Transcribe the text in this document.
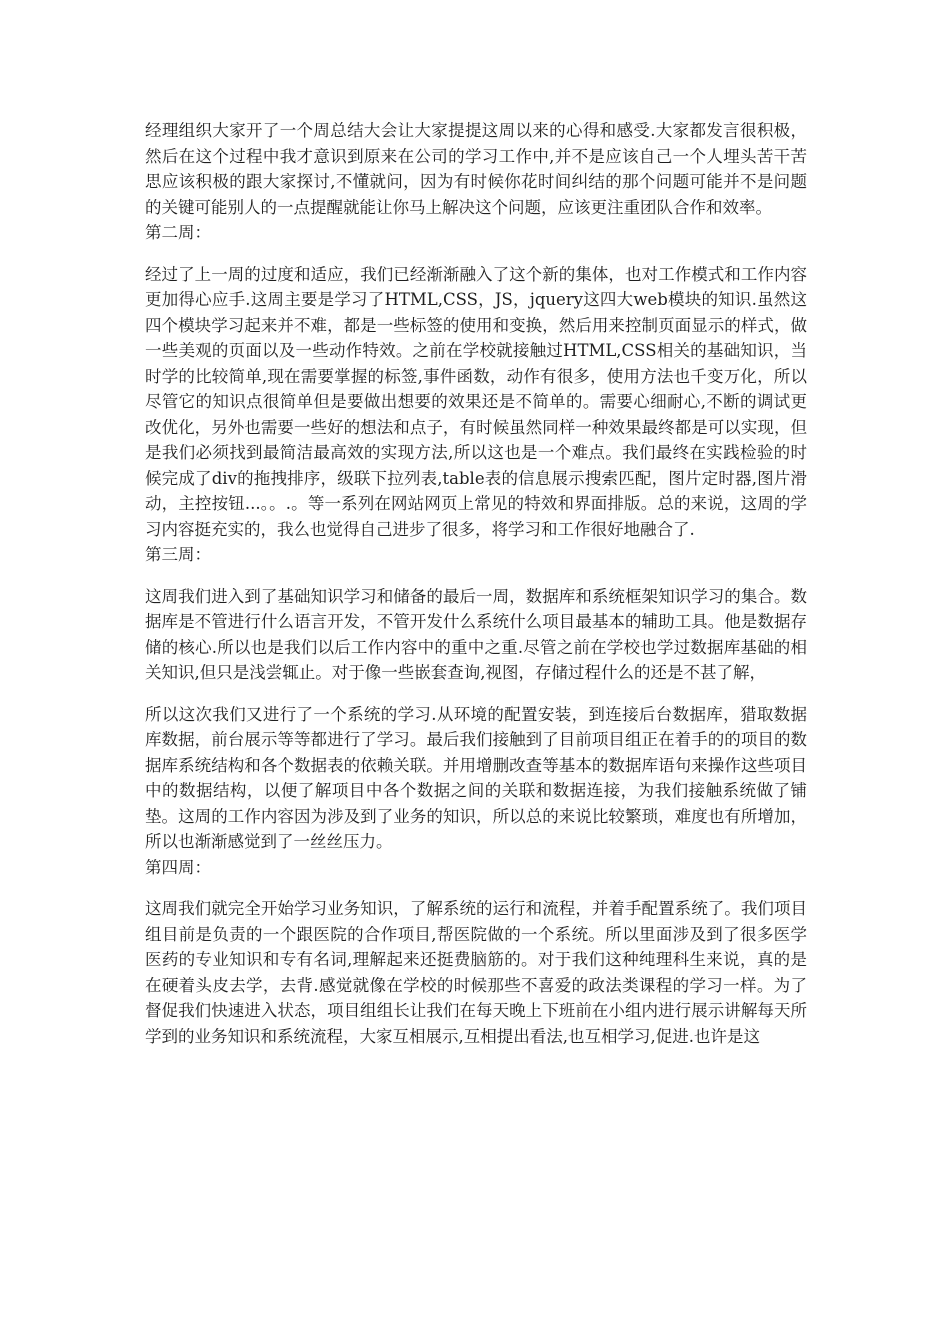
经理组织大家开了一个周总结大会让大家提提这周以来的心得和感受.大家都发言很积极，然后在这个过程中我才意识到原来在公司的学习工作中,并不是应该自己一个人埋头苦干苦思应该积极的跟大家探讨,不懂就问，因为有时候你花时间纠结的那个问题可能并不是问题的关键可能别人的一点提醒就能让你马上解决这个问题，应该更注重团队合作和效率。

第二周：

经过了上一周的过度和适应，我们已经渐渐融入了这个新的集体，也对工作模式和工作内容更加得心应手.这周主要是学习了HTML,CSS，JS，jquery这四大web模块的知识.虽然这四个模块学习起来并不难，都是一些标签的使用和变换，然后用来控制页面显示的样式，做一些美观的页面以及一些动作特效。之前在学校就接触过HTML,CSS相关的基础知识，当时学的比较简单,现在需要掌握的标签,事件函数，动作有很多，使用方法也千变万化，所以尽管它的知识点很简单但是要做出想要的效果还是不简单的。需要心细耐心,不断的调试更改优化，另外也需要一些好的想法和点子，有时候虽然同样一种效果最终都是可以实现，但是我们必须找到最简洁最高效的实现方法,所以这也是一个难点。我们最终在实践检验的时候完成了div的拖拽排序，级联下拉列表,table表的信息展示搜索匹配，图片定时器,图片滑动，主控按钮...。。.。等一系列在网站网页上常见的特效和界面排版。总的来说，这周的学习内容挺充实的，我么也觉得自己进步了很多，将学习和工作很好地融合了.

第三周：

这周我们进入到了基础知识学习和储备的最后一周，数据库和系统框架知识学习的集合。数据库是不管进行什么语言开发，不管开发什么系统什么项目最基本的辅助工具。他是数据存储的核心.所以也是我们以后工作内容中的重中之重.尽管之前在学校也学过数据库基础的相关知识,但只是浅尝辄止。对于像一些嵌套查询,视图，存储过程什么的还是不甚了解，

所以这次我们又进行了一个系统的学习.从环境的配置安装，到连接后台数据库，猎取数据库数据，前台展示等等都进行了学习。最后我们接触到了目前项目组正在着手的的项目的数据库系统结构和各个数据表的依赖关联。并用增删改查等基本的数据库语句来操作这些项目中的数据结构，以便了解项目中各个数据之间的关联和数据连接，为我们接触系统做了铺垫。这周的工作内容因为涉及到了业务的知识，所以总的来说比较繁琐，难度也有所增加，所以也渐渐感觉到了一丝丝压力。

第四周：

这周我们就完全开始学习业务知识，了解系统的运行和流程，并着手配置系统了。我们项目组目前是负责的一个跟医院的合作项目,帮医院做的一个系统。所以里面涉及到了很多医学医药的专业知识和专有名词,理解起来还挺费脑筋的。对于我们这种纯理科生来说，真的是在硬着头皮去学，去背.感觉就像在学校的时候那些不喜爱的政法类课程的学习一样。为了督促我们快速进入状态，项目组组长让我们在每天晚上下班前在小组内进行展示讲解每天所学到的业务知识和系统流程，大家互相展示,互相提出看法,也互相学习,促进.也许是这
